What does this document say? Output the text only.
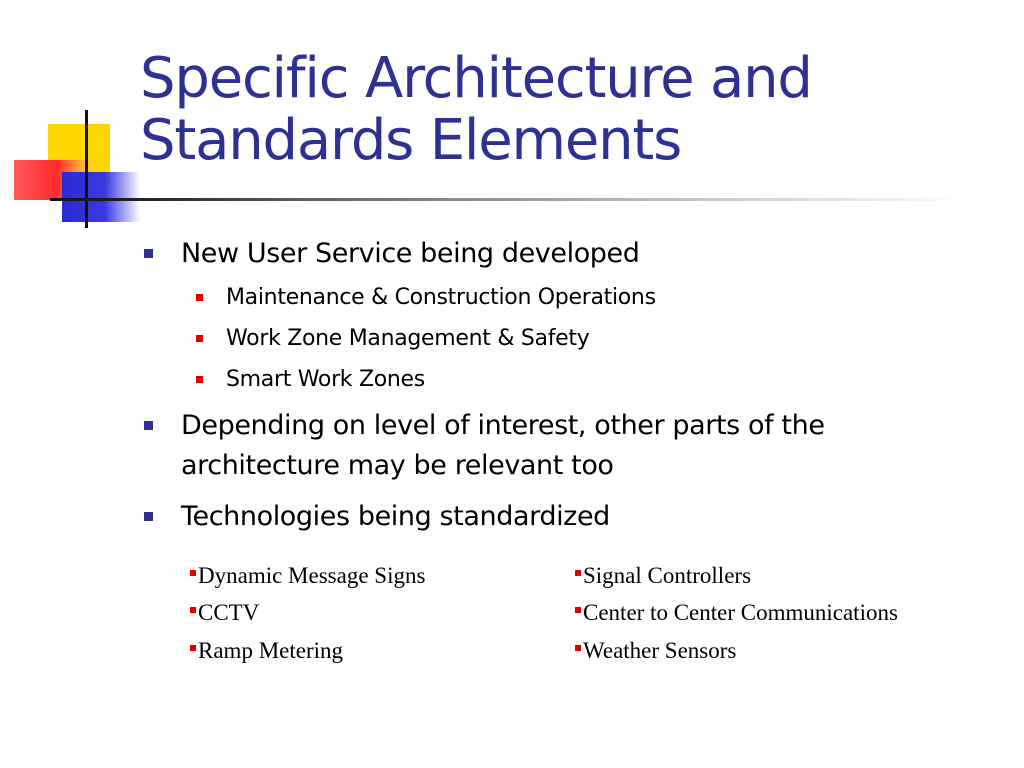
Specific Architecture and
Standards Elements
New User Service being developed
Maintenance & Construction Operations
Work Zone Management & Safety
Smart Work Zones
Depending on level of interest, other parts of the
architecture may be relevant too
Technologies being standardized
Dynamic Message Signs
CCTV
Ramp Metering
Signal Controllers
Center to Center Communications
Weather Sensors
